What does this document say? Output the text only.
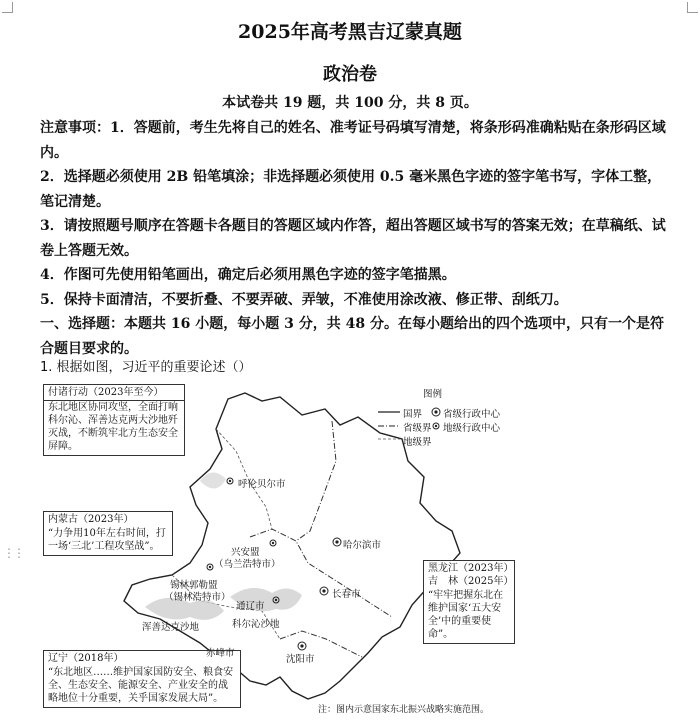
2025年高考黑吉辽蒙真题
政治卷
本试卷共 19 题，共 100 分，共 8 页。

注意事项：1．答题前，考生先将自己的姓名、准考证号码填写清楚，将条形码准确粘贴在条形码区域内。

2．选择题必须使用 2B 铅笔填涂；非选择题必须使用 0.5 毫米黑色字迹的签字笔书写，字体工整，笔记清楚。

3．请按照题号顺序在答题卡各题目的答题区域内作答，超出答题区域书写的答案无效；在草稿纸、试卷上答题无效。

4．作图可先使用铅笔画出，确定后必须用黑色字迹的签字笔描黑。

5．保持卡面清洁，不要折叠、不要弄破、弄皱，不准使用涂改液、修正带、刮纸刀。

一、选择题：本题共 16 小题，每小题 3 分，共 48 分。在每小题给出的四个选项中，只有一个是符合题目要求的。

1. 根据如图，习近平的重要论述（）
⋮⋮
图例
国界
省级界
地级界
省级行政中心
地级行政中心
付诸行动（2023年至今）
东北地区协同攻坚，全面打响科尔沁、浑善达克两大沙地歼灭战，不断筑牢北方生态安全屏障。
内蒙古（2023年）
“力争用10年左右时间，打一场‘三北’工程攻坚战”。
黑龙江（2023年）吉　林（2025年）
“牢牢把握东北在维护国家‘五大安全’中的重要使命”。
辽宁（2018年）
“东北地区……维护国家国防安全、粮食安全、生态安全、能源安全、产业安全的战略地位十分重要，关乎国家发展大局”。
呼伦贝尔市
哈尔滨市
兴安盟
（乌兰浩特市）
锡林郭勒盟
（锡林浩特市）	长春市
通辽市
浑善达克沙地	科尔沁沙地
赤峰市
沈阳市
注：图内示意国家东北振兴战略实施范围。
